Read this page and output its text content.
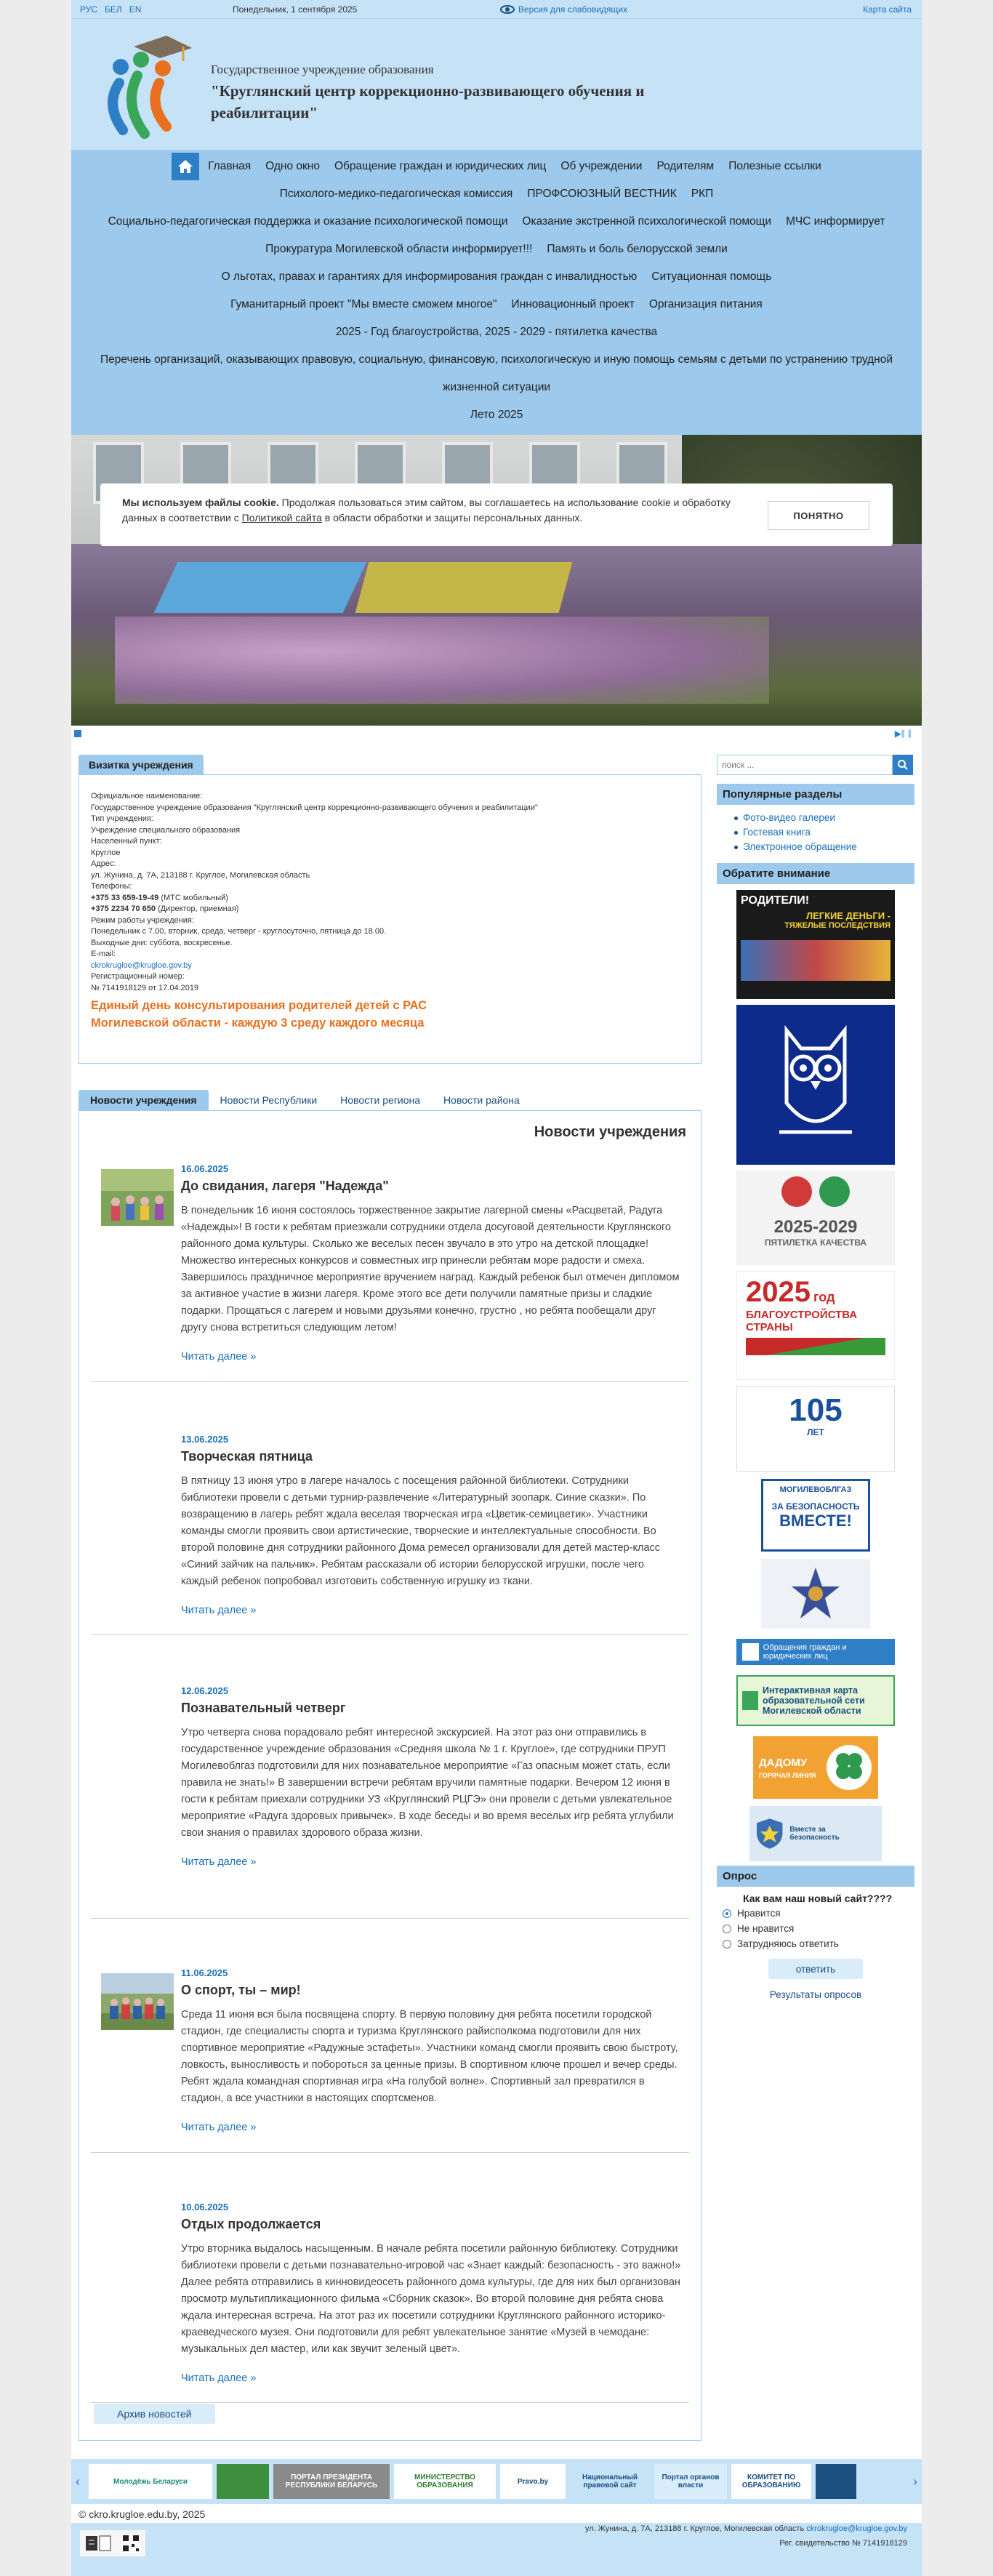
РУС БЕЛ EN	Понедельник, 1 сентября 2025	Версия для слабовидящих	Карта сайта
Государственное учреждение образования
"Круглянский центр коррекционно-развивающего обучения и реабилитации"
Главная Одно окно Обращение граждан и юридических лиц Об учреждении Родителям Полезные ссылки
Психолого-медико-педагогическая комиссия ПРОФСОЮЗНЫЙ ВЕСТНИК РКП
Социально-педагогическая поддержка и оказание психологической помощи Оказание экстренной психологической помощи МЧС информирует
Прокуратура Могилевской области информирует!!! Память и боль белорусской земли
О льготах, правах и гарантиях для информирования граждан с инвалидностью Ситуационная помощь
Гуманитарный проект "Мы вместе сможем многое" Инновационный проект Организация питания
2025 - Год благоустройства, 2025 - 2029 - пятилетка качества
Перечень организаций, оказывающих правовую, социальную, финансовую, психологическую и иную помощь семьям с детьми по устранению трудной жизненной ситуации
Лето 2025
Мы используем файлы cookie. Продолжая пользоваться этим сайтом, вы соглашаетесь на использование cookie и обработку данных в соответствии с Политикой сайта в области обработки и защиты персональных данных.	ПОНЯТНО
▶
❚❚
Визитка учреждения
Официальное наименование:
Государственное учреждение образования "Круглянский центр коррекционно-развивающего обучения и реабилитации"
Тип учреждения:
Учреждение специального образования
Населенный пункт:
Круглое
Адрес:
ул. Жунина, д. 7А, 213188 г. Круглое, Могилевская область
Телефоны:
+375 33 659-19-49 (МТС мобильный)
+375 2234 70 650 (Директор, приемная)
Режим работы учреждения:
Понедельник с 7.00, вторник, среда, четверг - круглосуточно, пятница до 18.00.
Выходные дни: суббота, воскресенье.
E-mail:
ckrokruglоe@kruglоe.gov.by
Регистрационный номер:
№ 7141918129 от 17.04.2019
Единый день консультирования родителей детей с РАС Могилевской области - каждую 3 среду каждого месяца
Новости учреждения	Новости Республики	Новости региона	Новости района
Новости учреждения
16.06.2025
До свидания, лагеря "Надежда"
В понедельник 16 июня состоялось торжественное закрытие лагерной смены «Расцветай, Радуга «Надежды»! В гости к ребятам приезжали сотрудники отдела досуговой деятельности Круглянского районного дома культуры. Сколько же веселых песен звучало в это утро на детской площадке! Множество интересных конкурсов и совместных игр принесли ребятам море радости и смеха. Завершилось праздничное мероприятие вручением наград. Каждый ребенок был отмечен дипломом за активное участие в жизни лагеря. Кроме этого все дети получили памятные призы и сладкие подарки. Прощаться с лагерем и новыми друзьями конечно, грустно , но ребята пообещали друг другу снова встретиться следующим летом!
Читать далее »
13.06.2025
Творческая пятница
В пятницу 13 июня утро в лагере началось с посещения районной библиотеки. Сотрудники библиотеки провели с детьми турнир-развлечение «Литературный зоопарк. Синие сказки». По возвращению в лагерь ребят ждала веселая творческая игра «Цветик-семицветик». Участники команды смогли проявить свои артистические, творческие и интеллектуальные способности. Во второй половине дня сотрудники районного Дома ремесел организовали для детей мастер-класс «Синий зайчик на пальчик». Ребятам рассказали об истории белорусской игрушки, после чего каждый ребенок попробовал изготовить собственную игрушку из ткани.
Читать далее »
12.06.2025
Познавательный четверг
Утро четверга снова порадовало ребят интересной экскурсией. На этот раз они отправились в государственное учреждение образования «Средняя школа № 1 г. Круглое», где сотрудники ПРУП Могилевоблгаз подготовили для них познавательное мероприятие «Газ опасным может стать, если правила не знать!» В завершении встречи ребятам вручили памятные подарки. Вечером 12 июня в гости к ребятам приехали сотрудники УЗ «Круглянский РЦГЭ» они провели с детьми увлекательное мероприятие «Радуга здоровых привычек». В ходе беседы и во время веселых игр ребята углубили свои знания о правилах здорового образа жизни.
Читать далее »
11.06.2025
О спорт, ты – мир!
Среда 11 июня вся была посвящена спорту. В первую половину дня ребята посетили городской стадион, где специалисты спорта и туризма Круглянского райисполкома подготовили для них спортивное мероприятие «Радужные эстафеты». Участники команд смогли проявить свою быстроту, ловкость, выносливость и побороться за ценные призы. В спортивном ключе прошел и вечер среды. Ребят ждала командная спортивная игра «На голубой волне». Спортивный зал превратился в стадион, а все участники в настоящих спортсменов.
Читать далее »
10.06.2025
Отдых продолжается
Утро вторника выдалось насыщенным. В начале ребята посетили районную библиотеку. Сотрудники библиотеки провели с детьми познавательно-игровой час «Знает каждый: безопасность - это важно!» Далее ребята отправились в кинновидеосеть районного дома культуры, где для них был организован просмотр мультипликационного фильма «Сборник сказок». Во второй половине дня ребята снова ждала интересная встреча. На этот раз их посетили сотрудники Круглянского районного историко-краеведческого музея. Они подготовили для ребят увлекательное занятие «Музей в чемодане: музыкальных дел мастер, или как звучит зеленый цвет».
Читать далее »
Архив новостей
поиск ...
Популярные разделы
Фото-видео галереи
Гостевая книга
Электронное обращение
Обратите внимание
РОДИТЕЛИ!
ЛЕГКИЕ ДЕНЬГИ -
ТЯЖЕЛЫЕ ПОСЛЕДСТВИЯ
2025-2029
ПЯТИЛЕТКА КАЧЕСТВА
2025 год
БЛАГОУСТРОЙСТВА
СТРАНЫ
105
ЛЕТ
МОГИЛЕВОБЛГАЗ
ЗА БЕЗОПАСНОСТЬ
ВМЕСТЕ!
Обращения граждан и юридических лиц
Интерактивная карта образовательной сети Могилевской области
ДАДОМУ
ГОРЯЧАЯ ЛИНИЯ
Вместе за безопасность
Опрос
Как вам наш новый сайт????
Нравится
Не нравится
Затрудняюсь ответить
ответить
Результаты опросов
‹	Молодёжь Беларуси	ПОРТАЛ ПРЕЗИДЕНТА РЕСПУБЛИКИ БЕЛАРУСЬ
МИНИСТЕРСТВО ОБРАЗОВАНИЯ	Pravo.by	Национальный правовой сайт
Портал органов власти
КОМИТЕТ ПО ОБРАЗОВАНИЮ	›
© ckro.kruglоe.edu.by, 2025
ул. Жунина, д. 7А, 213188 г. Круглое, Могилевская область ckrokruglоe@kruglоe.gov.by
Рег. свидетельство № 7141918129
